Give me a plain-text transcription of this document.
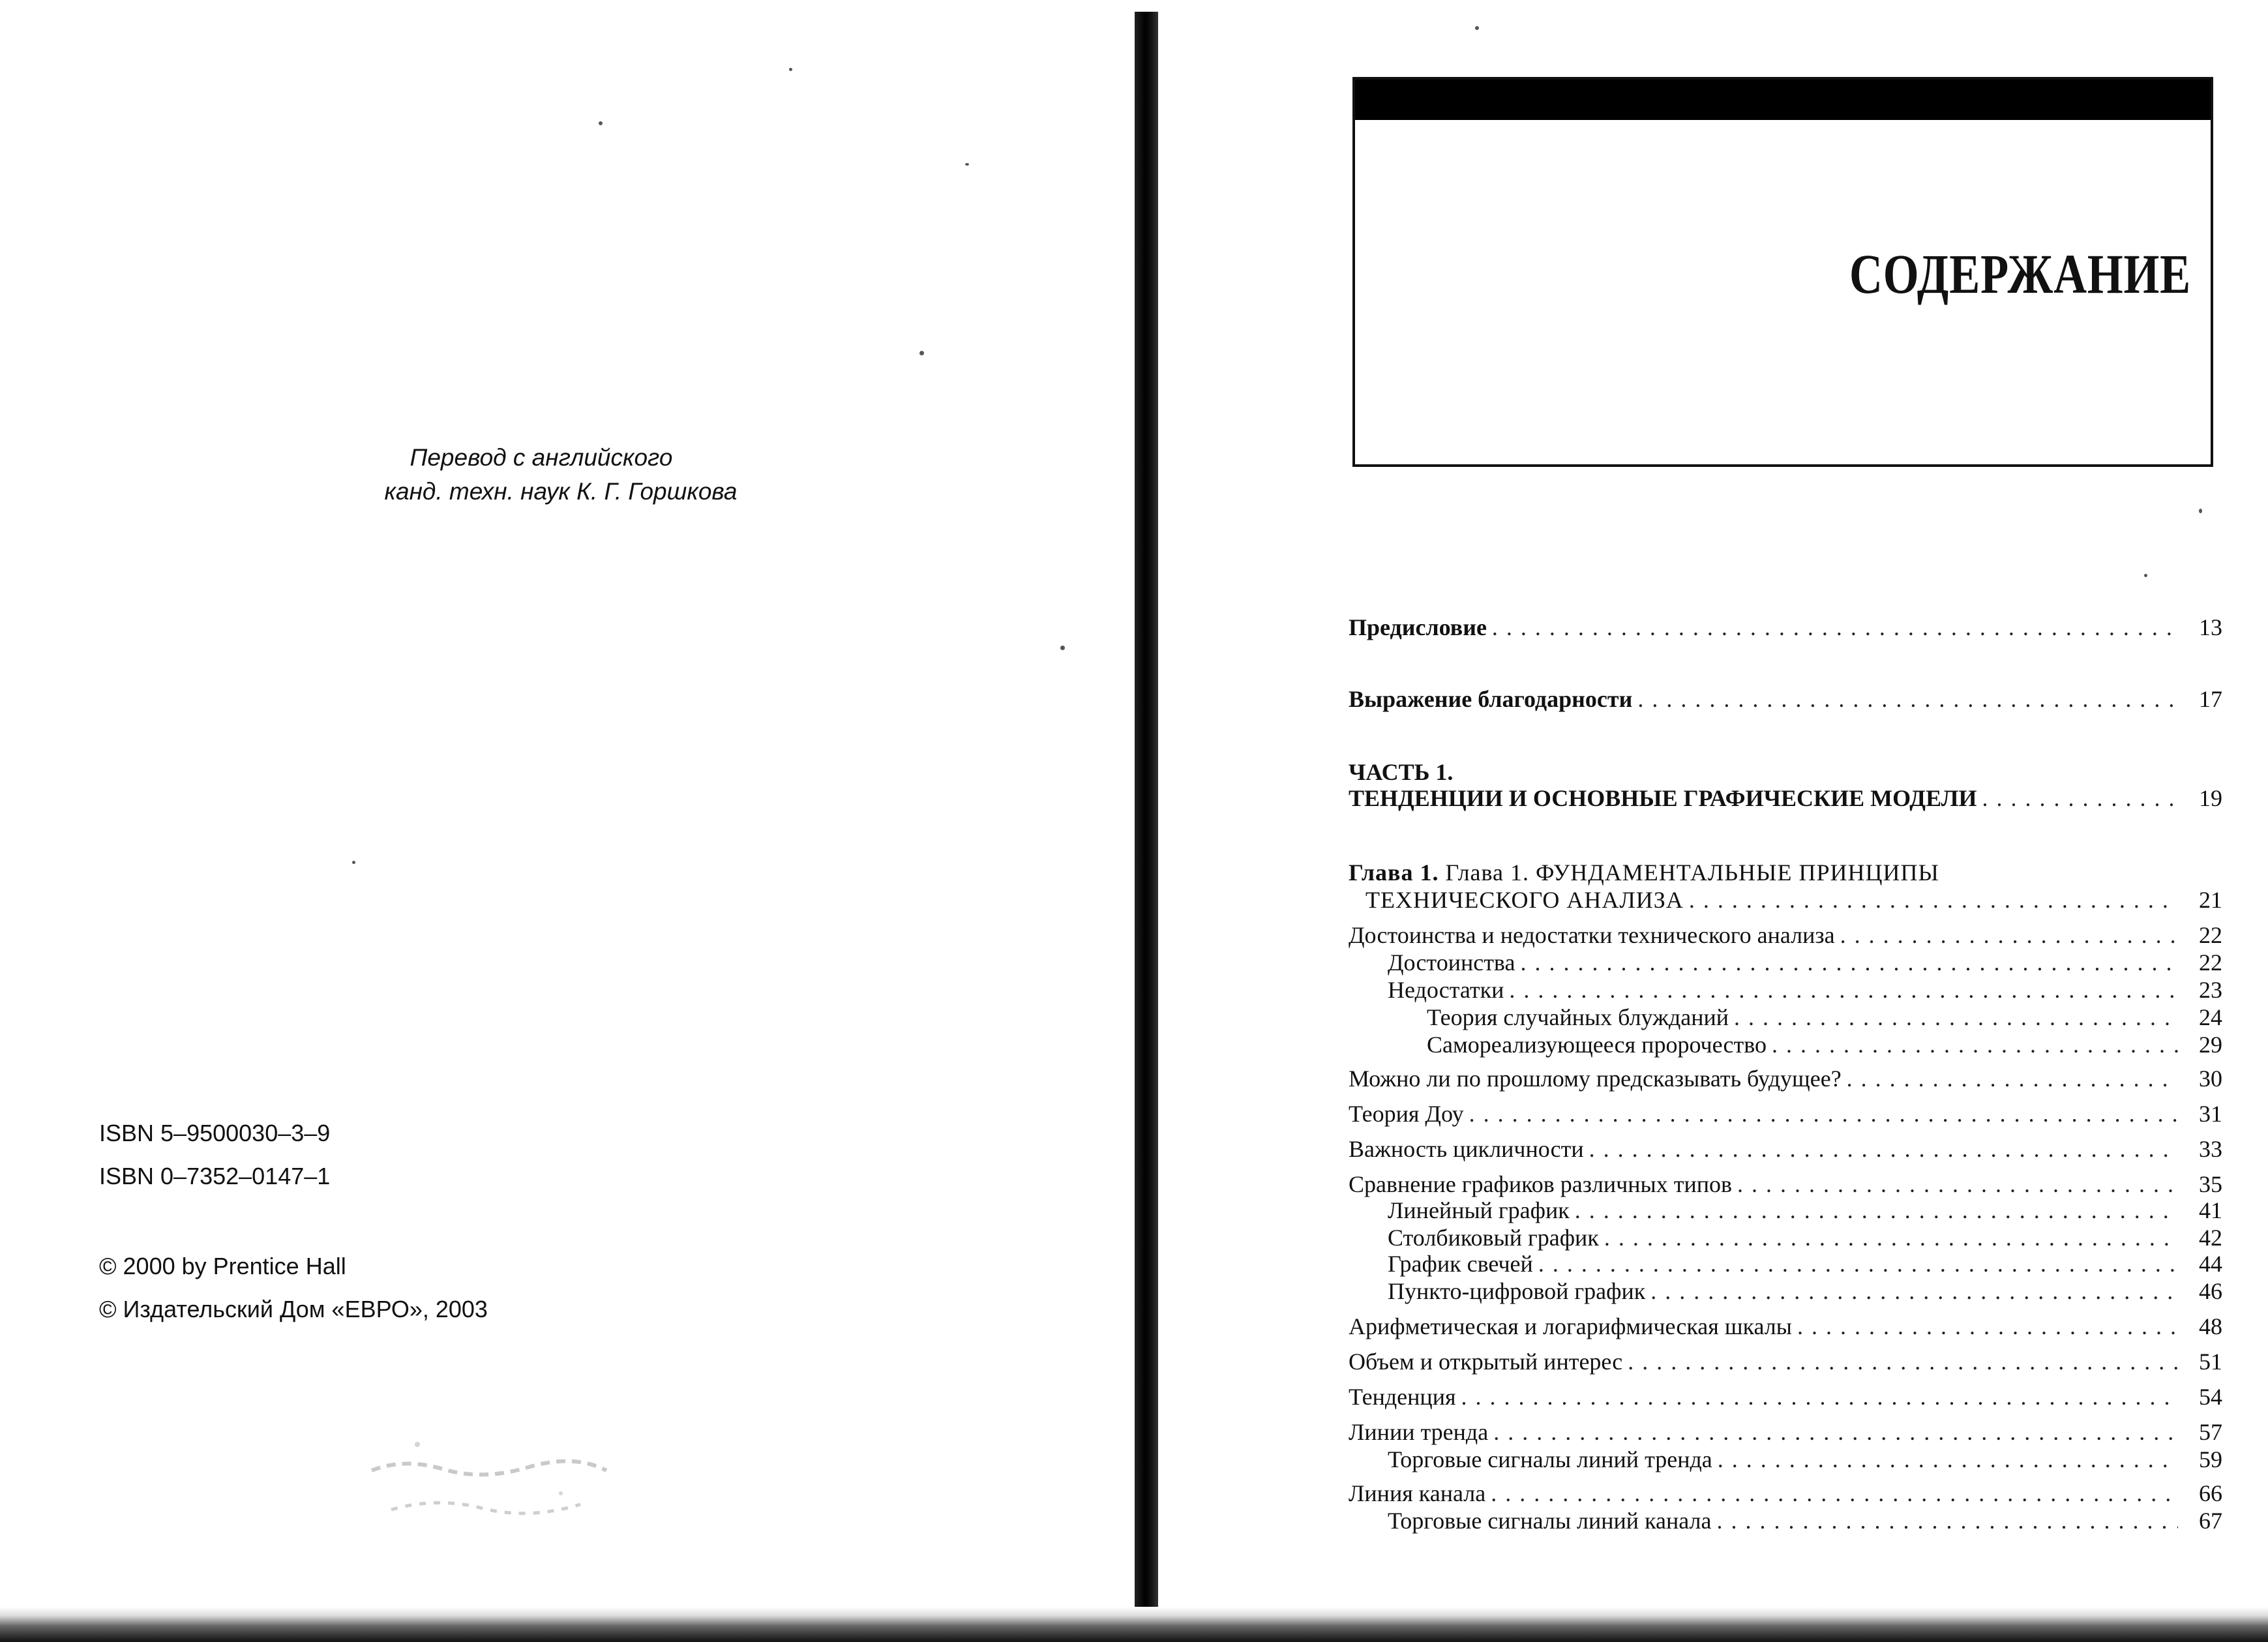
Перевод с английского

канд. техн. наук К. Г. Горшкова
ISBN 5–9500030–3–9
ISBN 0–7352–0147–1
© 2000 by Prentice Hall
© Издательский Дом «ЕВРО», 2003
СОДЕРЖАНИЕ
Предисловие . . .	13
Выражение благодарности . . .	17
ЧАСТЬ 1.
ТЕНДЕНЦИИ И ОСНОВНЫЕ ГРАФИЧЕСКИЕ МОДЕЛИ . . .	19
Глава 1. Глава 1. ФУНДАМЕНТАЛЬНЫЕ ПРИНЦИПЫ
ТЕХНИЧЕСКОГО АНАЛИЗА . . .	21
Достоинства и недостатки технического анализа . . .	22
Достоинства . . .	22
Недостатки . . .	23
Теория случайных блужданий . . .	24
Самореализующееся пророчество . . .	29
Можно ли по прошлому предсказывать будущее? . . .	30
Теория Доу . . .	31
Важность цикличности . . .	33
Сравнение графиков различных типов . . .	35
Линейный график . . .	41
Столбиковый график . . .	42
График свечей . . .	44
Пункто-цифровой график . . .	46
Арифметическая и логарифмическая шкалы . . .	48
Объем и открытый интерес . . .	51
Тенденция . . .	54
Линии тренда . . .	57
Торговые сигналы линий тренда . . .	59
Линия канала . . .	66
Торговые сигналы линий канала . . .	67
